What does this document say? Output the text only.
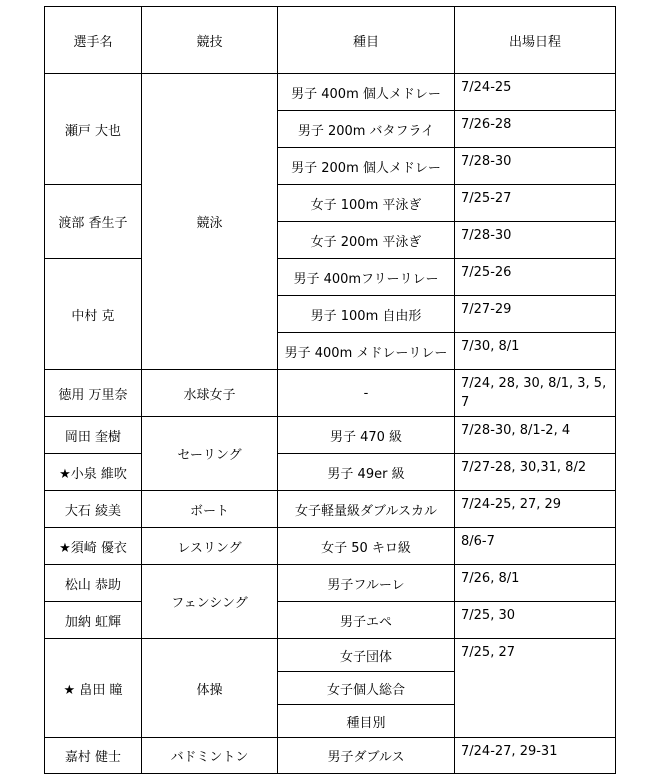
選手名	競技	種目	出場日程
瀬戸 大也	競泳	男子 400m 個人メドレー	7/24-25
		男子 200m バタフライ	7/26-28
		男子 200m 個人メドレー	7/28-30
渡部 香生子		女子 100m 平泳ぎ	7/25-27
		女子 200m 平泳ぎ	7/28-30
中村 克		男子 400mフリーリレー	7/25-26
		男子 100m 自由形	7/27-29
		男子 400m メドレーリレー	7/30, 8/1
徳用 万里奈	水球女子	-	7/24, 28, 30, 8/1, 3, 5, 7
岡田 奎樹	セーリング	男子 470 級	7/28-30, 8/1-2, 4
★小泉 維吹		男子 49er 級	7/27-28, 30,31, 8/2
大石 綾美	ボート	女子軽量級ダブルスカル	7/24-25, 27, 29
★須崎 優衣	レスリング	女子 50 キロ級	8/6-7
松山 恭助	フェンシング	男子フルーレ	7/26, 8/1
加納 虹輝		男子エペ	7/25, 30
★ 畠田 瞳	体操	女子団体	7/25, 27
		女子個人総合	
		種目別	
嘉村 健士	バドミントン	男子ダブルス	7/24-27, 29-31
